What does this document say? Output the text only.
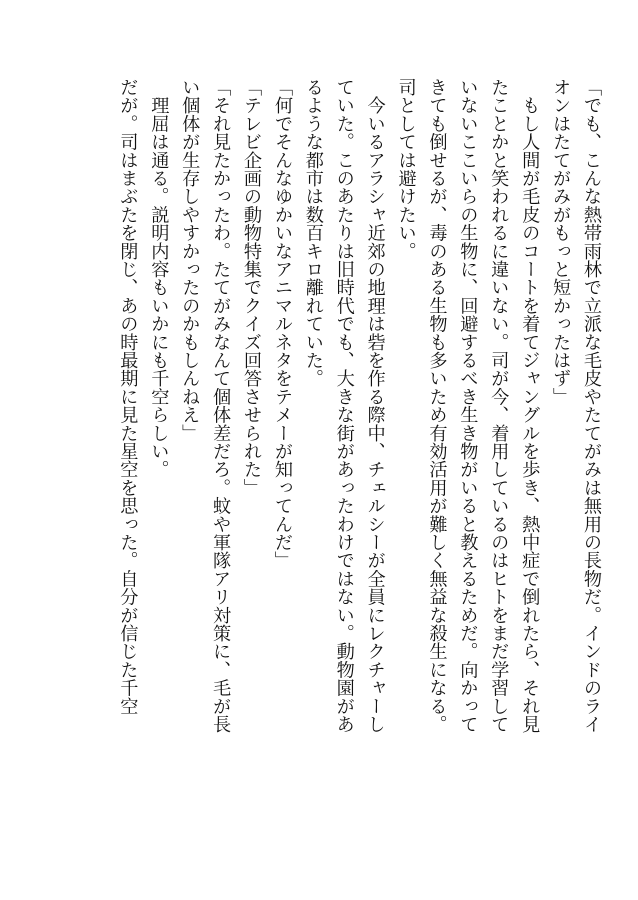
「でも、こんな熱帯雨林で立派な毛皮やたてがみは無用の長物だ。インドのライ
オンはたてがみがもっと短かったはず」
　もし人間が毛皮のコートを着てジャングルを歩き、熱中症で倒れたら、それ見
たことかと笑われるに違いない。司が今、着用しているのはヒトをまだ学習して
いないここいらの生物に、回避するべき生き物がいると教えるためだ。向かって
きても倒せるが、毒のある生物も多いため有効活用が難しく無益な殺生になる。
司としては避けたい。
　今いるアラシャ近郊の地理は砦を作る際中、チェルシーが全員にレクチャーし
ていた。このあたりは旧時代でも、大きな街があったわけではない。動物園があ
るような都市は数百キロ離れていた。
「何でそんなゆかいなアニマルネタをテメーが知ってんだ」
「テレビ企画の動物特集でクイズ回答させられた」
「それ見たかったわ。たてがみなんて個体差だろ。蚊や軍隊アリ対策に、毛が長
い個体が生存しやすかったのかもしんねえ」
　理屈は通る。説明内容もいかにも千空らしい。
だが。司はまぶたを閉じ、あの時最期に見た星空を思った。自分が信じた千空
